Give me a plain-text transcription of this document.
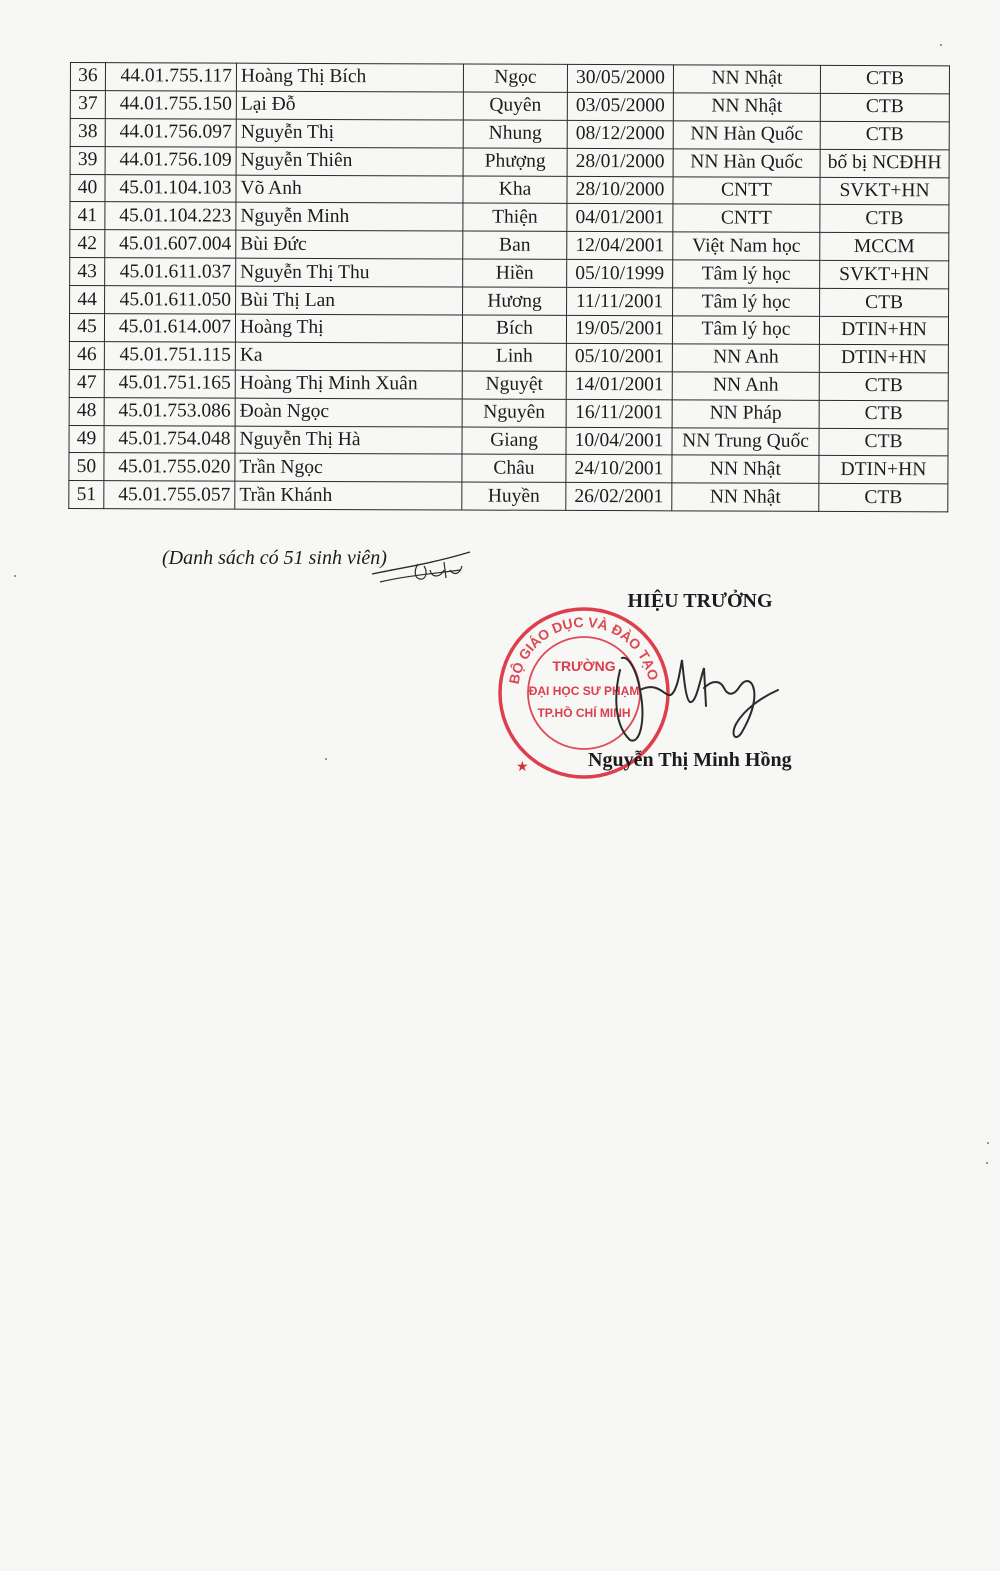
36	44.01.755.117	Hoàng Thị Bích	Ngọc	30/05/2000	NN Nhật	CTB
37	44.01.755.150	Lại Đỗ	Quyên	03/05/2000	NN Nhật	CTB
38	44.01.756.097	Nguyễn Thị	Nhung	08/12/2000	NN Hàn Quốc	CTB
39	44.01.756.109	Nguyễn Thiên	Phượng	28/01/2000	NN Hàn Quốc	bố bị NCĐHH
40	45.01.104.103	Võ Anh	Kha	28/10/2000	CNTT	SVKT+HN
41	45.01.104.223	Nguyễn Minh	Thiện	04/01/2001	CNTT	CTB
42	45.01.607.004	Bùi Đức	Ban	12/04/2001	Việt Nam học	MCCM
43	45.01.611.037	Nguyễn Thị Thu	Hiền	05/10/1999	Tâm lý học	SVKT+HN
44	45.01.611.050	Bùi Thị Lan	Hương	11/11/2001	Tâm lý học	CTB
45	45.01.614.007	Hoàng Thị	Bích	19/05/2001	Tâm lý học	DTIN+HN
46	45.01.751.115	Ka	Linh	05/10/2001	NN Anh	DTIN+HN
47	45.01.751.165	Hoàng Thị Minh Xuân	Nguyệt	14/01/2001	NN Anh	CTB
48	45.01.753.086	Đoàn Ngọc	Nguyên	16/11/2001	NN Pháp	CTB
49	45.01.754.048	Nguyễn Thị Hà	Giang	10/04/2001	NN Trung Quốc	CTB
50	45.01.755.020	Trần Ngọc	Châu	24/10/2001	NN Nhật	DTIN+HN
51	45.01.755.057	Trần Khánh	Huyền	26/02/2001	NN Nhật	CTB
(Danh sách có 51 sinh viên)
HIỆU TRƯỞNG
BỘ GIÁO DỤC VÀ ĐÀO TẠO
TRƯỜNG
ĐẠI HỌC SƯ PHẠM
TP.HỒ CHÍ MINH
★	Nguyễn Thị Minh Hồng
